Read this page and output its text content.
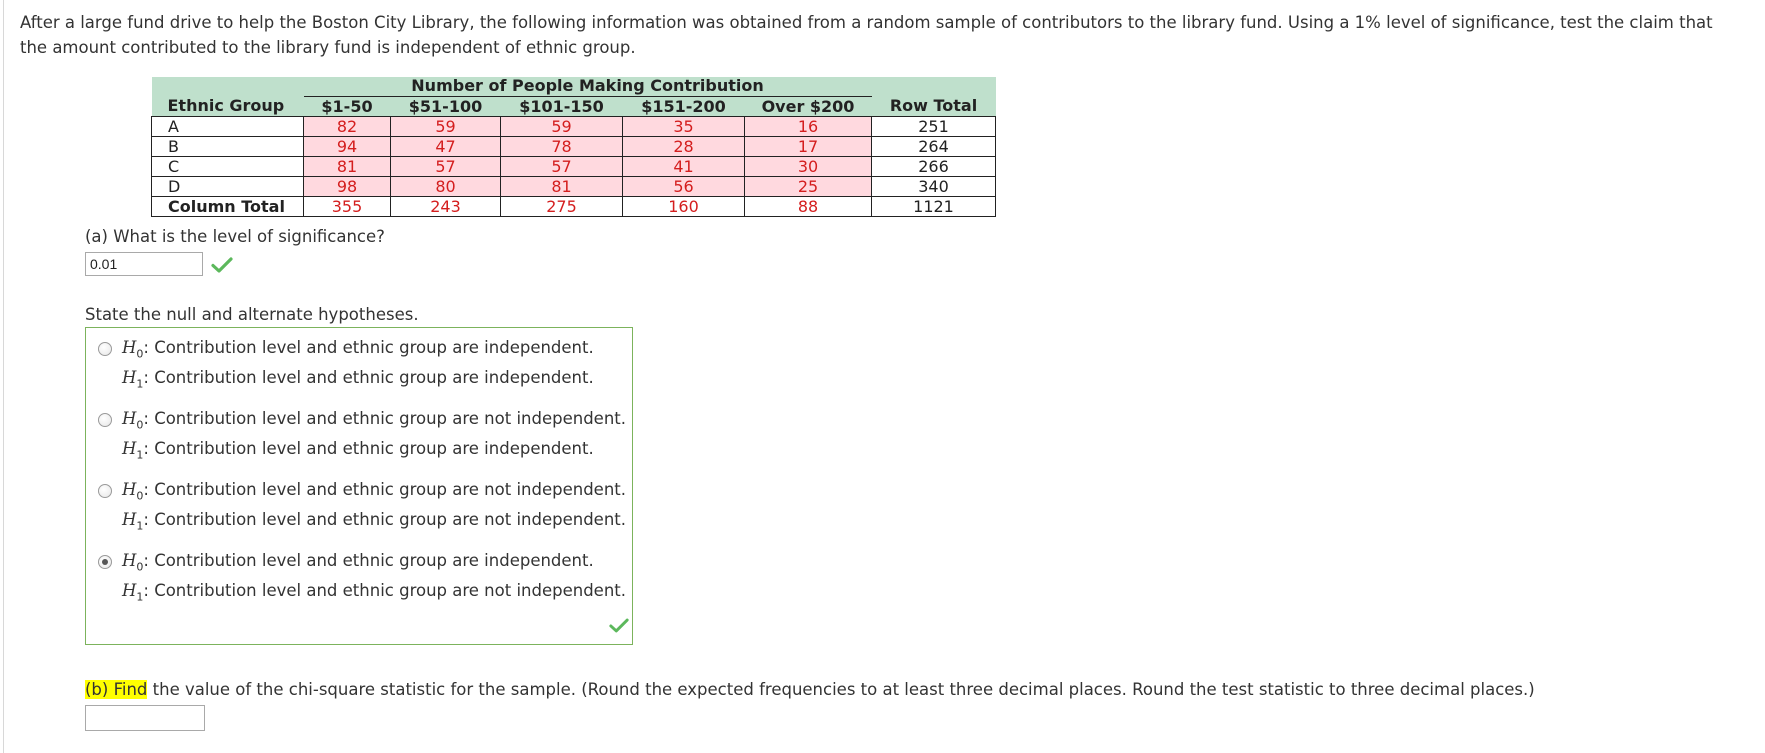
After a large fund drive to help the Boston City Library, the following information was obtained from a random sample of contributors to the library fund. Using a 1% level of significance, test the claim that the amount contributed to the library fund is independent of ethnic group.
	Number of People Making Contribution					
Ethnic Group	$1-50	$51-100	$101-150	$151-200	Over $200	Row Total
A	82	59	59	35	16	251
B	94	47	78	28	17	264
C	81	57	57	41	30	266
D	98	80	81	56	25	340
Column Total	355	243	275	160	88	1121
(a) What is the level of significance?
0.01
State the null and alternate hypotheses.
$H_0$: Contribution level and ethnic group are independent.
$H_1$: Contribution level and ethnic group are independent.
$H_0$: Contribution level and ethnic group are not independent.
$H_1$: Contribution level and ethnic group are independent.
$H_0$: Contribution level and ethnic group are not independent.
$H_1$: Contribution level and ethnic group are not independent.
$H_0$: Contribution level and ethnic group are independent.
$H_1$: Contribution level and ethnic group are not independent.
(b) Find the value of the chi-square statistic for the sample. (Round the expected frequencies to at least three decimal places. Round the test statistic to three decimal places.)
